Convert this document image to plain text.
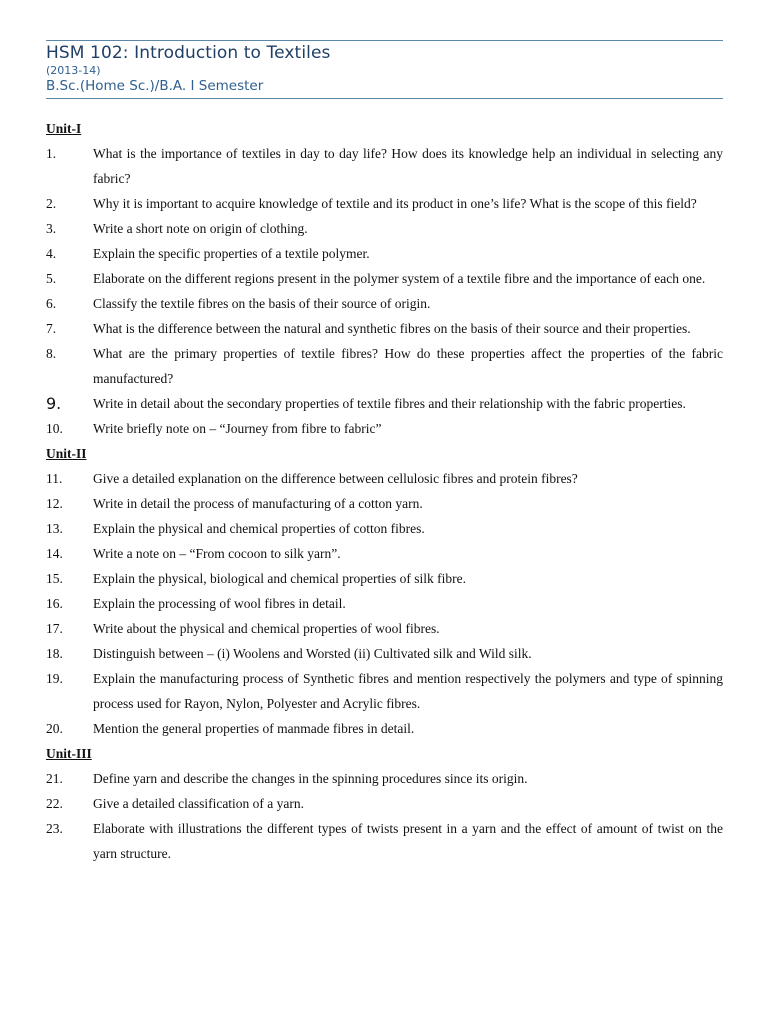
HSM 102: Introduction to Textiles
(2013-14)
B.Sc.(Home Sc.)/B.A. I Semester
Unit-I
1.	What is the importance of textiles in day to day life? How does its knowledge help an individual in selecting any fabric?
2.	Why it is important to acquire knowledge of textile and its product in one’s life? What is the scope of this field?
3.	Write a short note on origin of clothing.
4.	Explain the specific properties of a textile polymer.
5.	Elaborate on the different regions present in the polymer system of a textile fibre and the importance of each one.
6.	Classify the textile fibres on the basis of their source of origin.
7.	What is the difference between the natural and synthetic fibres on the basis of their source and their properties.
8.	What are the primary properties of textile fibres? How do these properties affect the properties of the fabric manufactured?
9.	Write in detail about the secondary properties of textile fibres and their relationship with the fabric properties.
10.	Write briefly note on – “Journey from fibre to fabric”
Unit-II
11.	Give a detailed explanation on the difference between cellulosic fibres and protein fibres?
12.	Write in detail the process of manufacturing of a cotton yarn.
13.	Explain the physical and chemical properties of cotton fibres.
14.	Write a note on – “From cocoon to silk yarn”.
15.	Explain the physical, biological and chemical properties of silk fibre.
16.	Explain the processing of wool fibres in detail.
17.	Write about the physical and chemical properties of wool fibres.
18.	Distinguish between – (i) Woolens and Worsted (ii) Cultivated silk and Wild silk.
19.	Explain the manufacturing process of Synthetic fibres and mention respectively the polymers and type of spinning process used for Rayon, Nylon, Polyester and Acrylic fibres.
20.	Mention the general properties of manmade fibres in detail.
Unit-III
21.	Define yarn and describe the changes in the spinning procedures since its origin.
22.	Give a detailed classification of a yarn.
23.	Elaborate with illustrations the different types of twists present in a yarn and the effect of amount of twist on the yarn structure.
